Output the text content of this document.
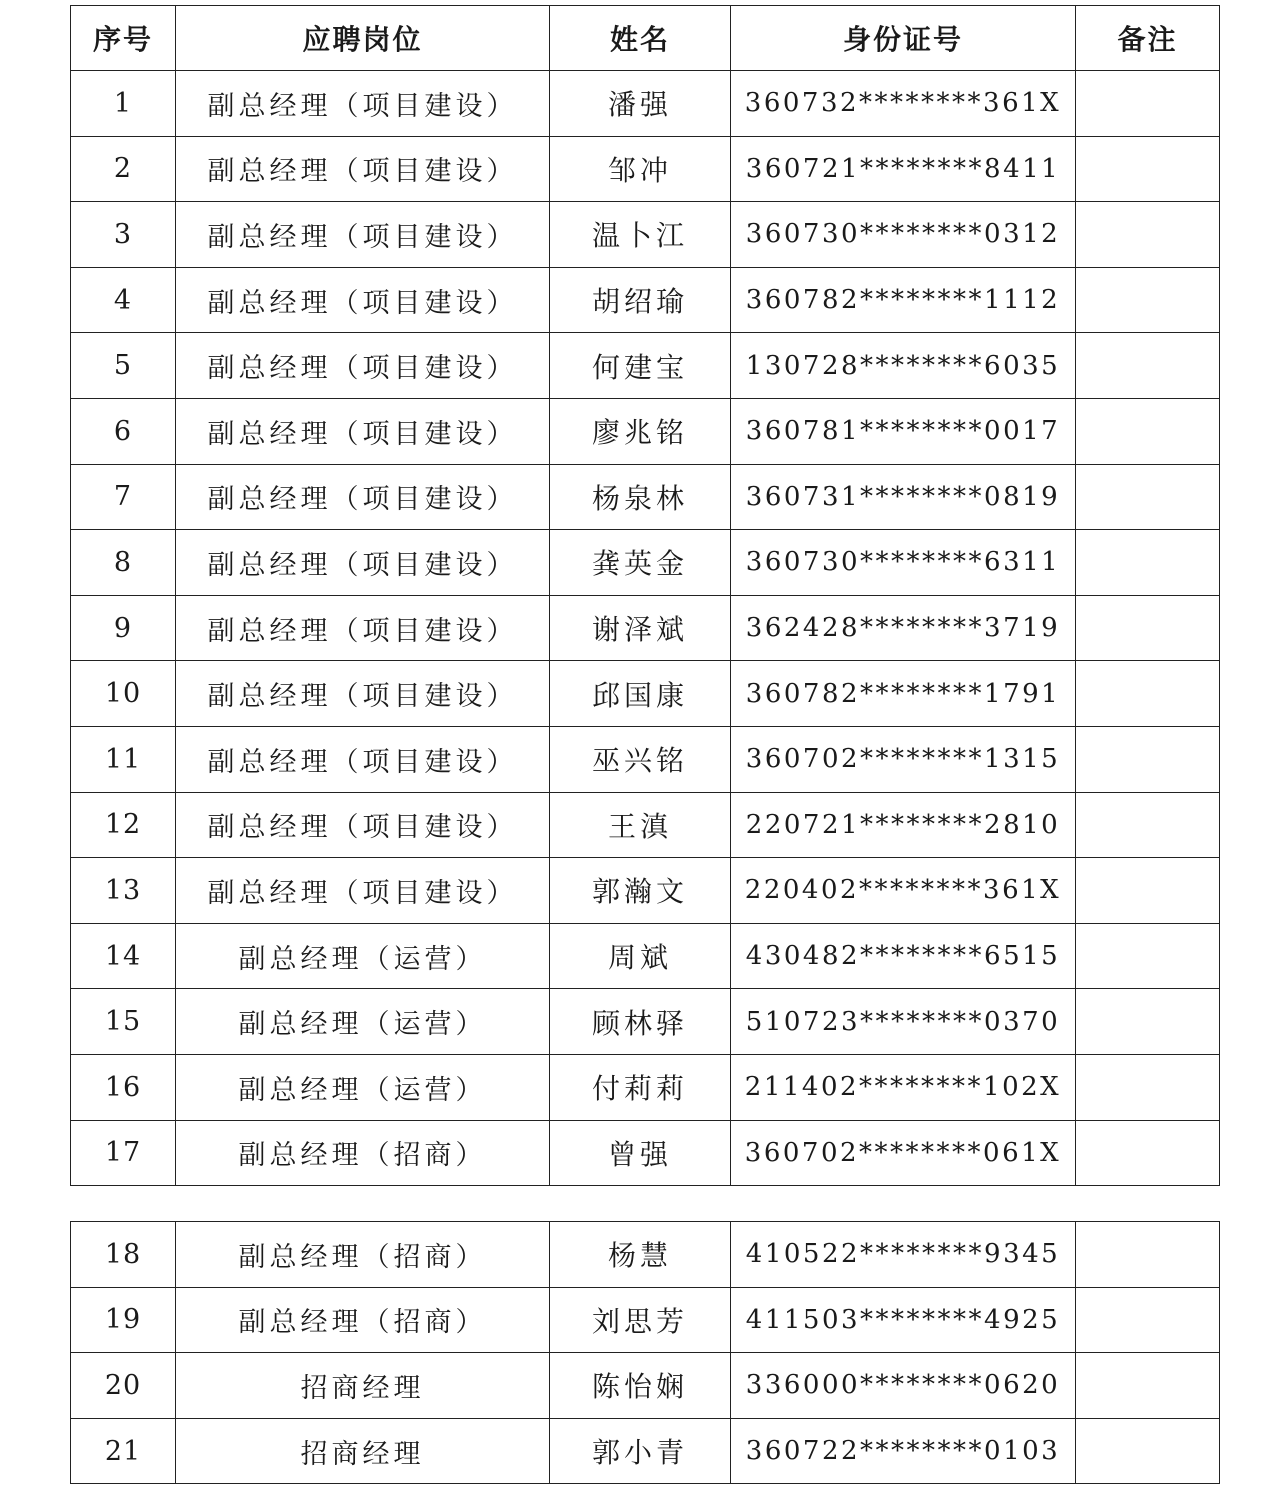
序号	应聘岗位	姓名	身份证号	备注
1	副总经理（项目建设）	潘强	360732********361X	
2	副总经理（项目建设）	邹冲	360721********8411	
3	副总经理（项目建设）	温卜江	360730********0312	
4	副总经理（项目建设）	胡绍瑜	360782********1112	
5	副总经理（项目建设）	何建宝	130728********6035	
6	副总经理（项目建设）	廖兆铭	360781********0017	
7	副总经理（项目建设）	杨泉林	360731********0819	
8	副总经理（项目建设）	龚英金	360730********6311	
9	副总经理（项目建设）	谢泽斌	362428********3719	
10	副总经理（项目建设）	邱国康	360782********1791	
11	副总经理（项目建设）	巫兴铭	360702********1315	
12	副总经理（项目建设）	王滇	220721********2810	
13	副总经理（项目建设）	郭瀚文	220402********361X	
14	副总经理（运营）	周斌	430482********6515	
15	副总经理（运营）	顾林驿	510723********0370	
16	副总经理（运营）	付莉莉	211402********102X	
17	副总经理（招商）	曾强	360702********061X	
18	副总经理（招商）	杨慧	410522********9345	
19	副总经理（招商）	刘思芳	411503********4925	
20	招商经理	陈怡娴	336000********0620	
21	招商经理	郭小青	360722********0103	
